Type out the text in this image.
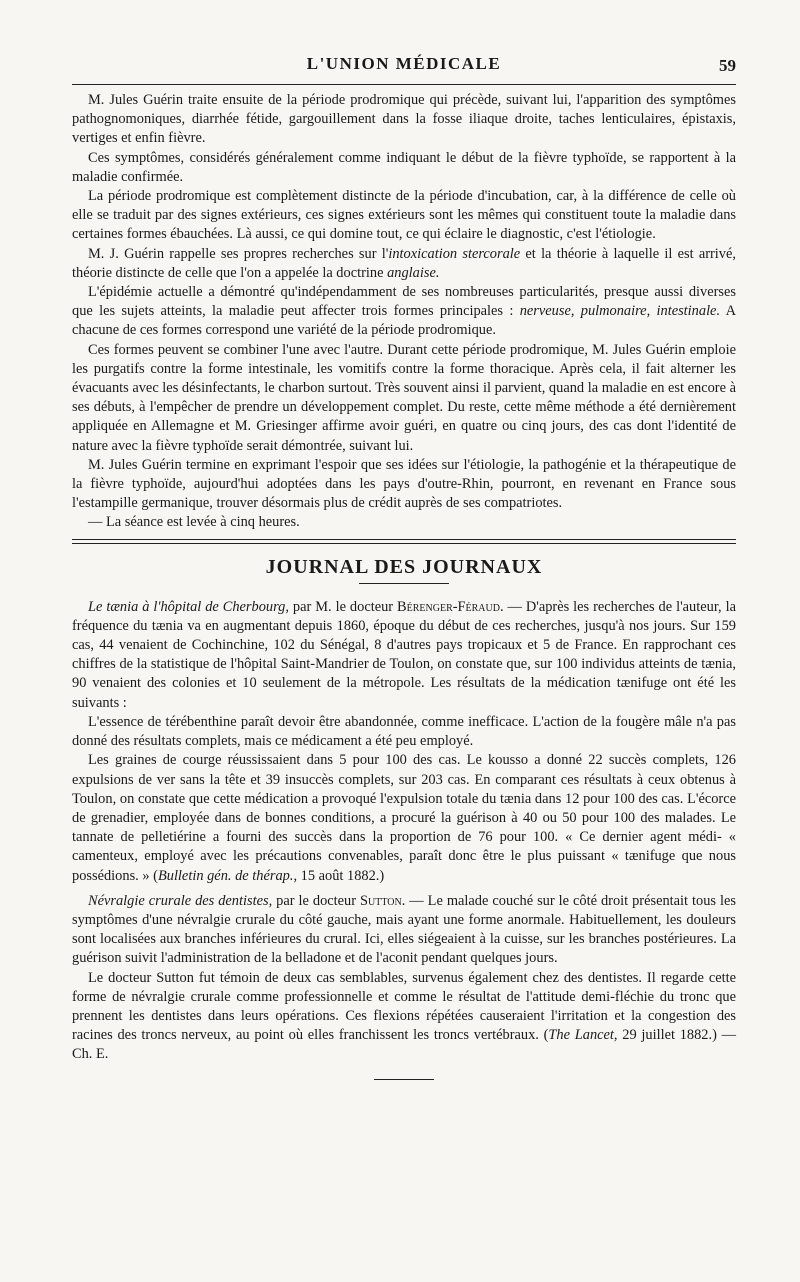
L'UNION MÉDICALE	59

M. Jules Guérin traite ensuite de la période prodromique qui précède, suivant lui, l'apparition des symptômes pathognomoniques, diarrhée fétide, gargouillement dans la fosse iliaque droite, taches lenticulaires, épistaxis, vertiges et enfin fièvre.

Ces symptômes, considérés généralement comme indiquant le début de la fièvre typhoïde, se rapportent à la maladie confirmée.

La période prodromique est complètement distincte de la période d'incubation, car, à la différence de celle où elle se traduit par des signes extérieurs, ces signes extérieurs sont les mêmes qui constituent toute la maladie dans certaines formes ébauchées. Là aussi, ce qui domine tout, ce qui éclaire le diagnostic, c'est l'étiologie.

M. J. Guérin rappelle ses propres recherches sur l'intoxication stercorale et la théorie à laquelle il est arrivé, théorie distincte de celle que l'on a appelée la doctrine anglaise.

L'épidémie actuelle a démontré qu'indépendamment de ses nombreuses particularités, presque aussi diverses que les sujets atteints, la maladie peut affecter trois formes principales : nerveuse, pulmonaire, intestinale. A chacune de ces formes correspond une variété de la période prodromique.

Ces formes peuvent se combiner l'une avec l'autre. Durant cette période prodromique, M. Jules Guérin emploie les purgatifs contre la forme intestinale, les vomitifs contre la forme thoracique. Après cela, il fait alterner les évacuants avec les désinfectants, le charbon surtout. Très souvent ainsi il parvient, quand la maladie en est encore à ses débuts, à l'empêcher de prendre un développement complet. Du reste, cette même méthode a été dernièrement appliquée en Allemagne et M. Griesinger affirme avoir guéri, en quatre ou cinq jours, des cas dont l'identité de nature avec la fièvre typhoïde serait démontrée, suivant lui.

M. Jules Guérin termine en exprimant l'espoir que ses idées sur l'étiologie, la pathogénie et la thérapeutique de la fièvre typhoïde, aujourd'hui adoptées dans les pays d'outre-Rhin, pourront, en revenant en France sous l'estampille germanique, trouver désormais plus de crédit auprès de ses compatriotes.

— La séance est levée à cinq heures.

JOURNAL DES JOURNAUX

Le tænia à l'hôpital de Cherbourg, par M. le docteur Bérenger-Féraud. — D'après les recherches de l'auteur, la fréquence du tænia va en augmentant depuis 1860, époque du début de ces recherches, jusqu'à nos jours. Sur 159 cas, 44 venaient de Cochinchine, 102 du Sénégal, 8 d'autres pays tropicaux et 5 de France. En rapprochant ces chiffres de la statistique de l'hôpital Saint-Mandrier de Toulon, on constate que, sur 100 individus atteints de tænia, 90 venaient des colonies et 10 seulement de la métropole. Les résultats de la médication tænifuge ont été les suivants :

L'essence de térébenthine paraît devoir être abandonnée, comme inefficace. L'action de la fougère mâle n'a pas donné des résultats complets, mais ce médicament a été peu employé.

Les graines de courge réussissaient dans 5 pour 100 des cas. Le kousso a donné 22 succès complets, 126 expulsions de ver sans la tête et 39 insuccès complets, sur 203 cas. En comparant ces résultats à ceux obtenus à Toulon, on constate que cette médication a provoqué l'expulsion totale du tænia dans 12 pour 100 des cas. L'écorce de grenadier, employée dans de bonnes conditions, a procuré la guérison à 40 ou 50 pour 100 des malades. Le tannate de pelletiérine a fourni des succès dans la proportion de 76 pour 100. « Ce dernier agent médi- « camenteux, employé avec les précautions convenables, paraît donc être le plus puissant « tænifuge que nous possédions. » (Bulletin gén. de thérap., 15 août 1882.)

Névralgie crurale des dentistes, par le docteur Sutton. — Le malade couché sur le côté droit présentait tous les symptômes d'une névralgie crurale du côté gauche, mais ayant une forme anormale. Habituellement, les douleurs sont localisées aux branches inférieures du crural. Ici, elles siégeaient à la cuisse, sur les branches postérieures. La guérison suivit l'administration de la belladone et de l'aconit pendant quelques jours.

Le docteur Sutton fut témoin de deux cas semblables, survenus également chez des dentistes. Il regarde cette forme de névralgie crurale comme professionnelle et comme le résultat de l'attitude demi-fléchie du tronc que prennent les dentistes dans leurs opérations. Ces flexions répétées causeraient l'irritation et la congestion des racines des troncs nerveux, au point où elles franchissent les troncs vertébraux. (The Lancet, 29 juillet 1882.) — Ch. E.
